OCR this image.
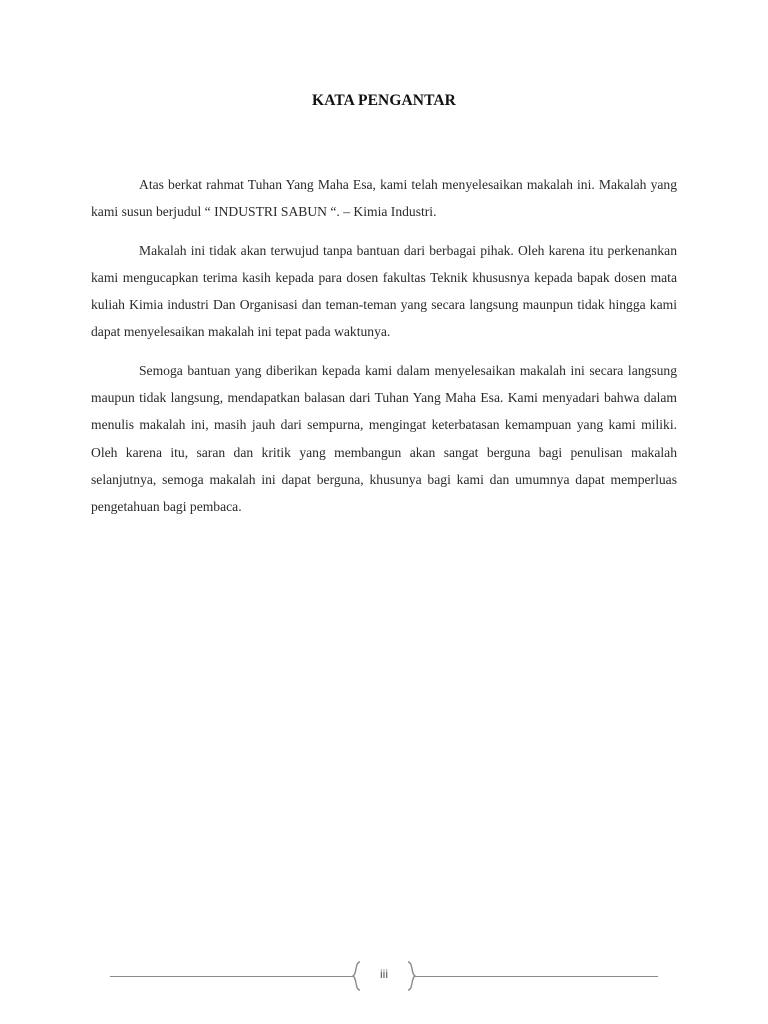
KATA PENGANTAR

Atas berkat rahmat Tuhan Yang Maha Esa, kami telah menyelesaikan makalah ini. Makalah yang kami susun berjudul “ INDUSTRI SABUN “. – Kimia Industri.

Makalah ini tidak akan terwujud tanpa bantuan dari berbagai pihak. Oleh karena itu perkenankan kami mengucapkan terima kasih kepada para dosen fakultas Teknik khususnya kepada bapak dosen mata kuliah Kimia industri Dan Organisasi dan teman-teman yang secara langsung maunpun tidak hingga kami dapat menyelesaikan makalah ini tepat pada waktunya.

Semoga bantuan yang diberikan kepada kami dalam menyelesaikan makalah ini secara langsung maupun tidak langsung, mendapatkan balasan dari Tuhan Yang Maha Esa. Kami menyadari bahwa dalam menulis makalah ini, masih jauh dari sempurna, mengingat keterbatasan kemampuan yang kami miliki. Oleh karena itu, saran dan kritik yang membangun akan sangat berguna bagi penulisan makalah selanjutnya, semoga makalah ini dapat berguna, khusunya bagi kami dan umumnya dapat memperluas pengetahuan bagi pembaca.

iii
